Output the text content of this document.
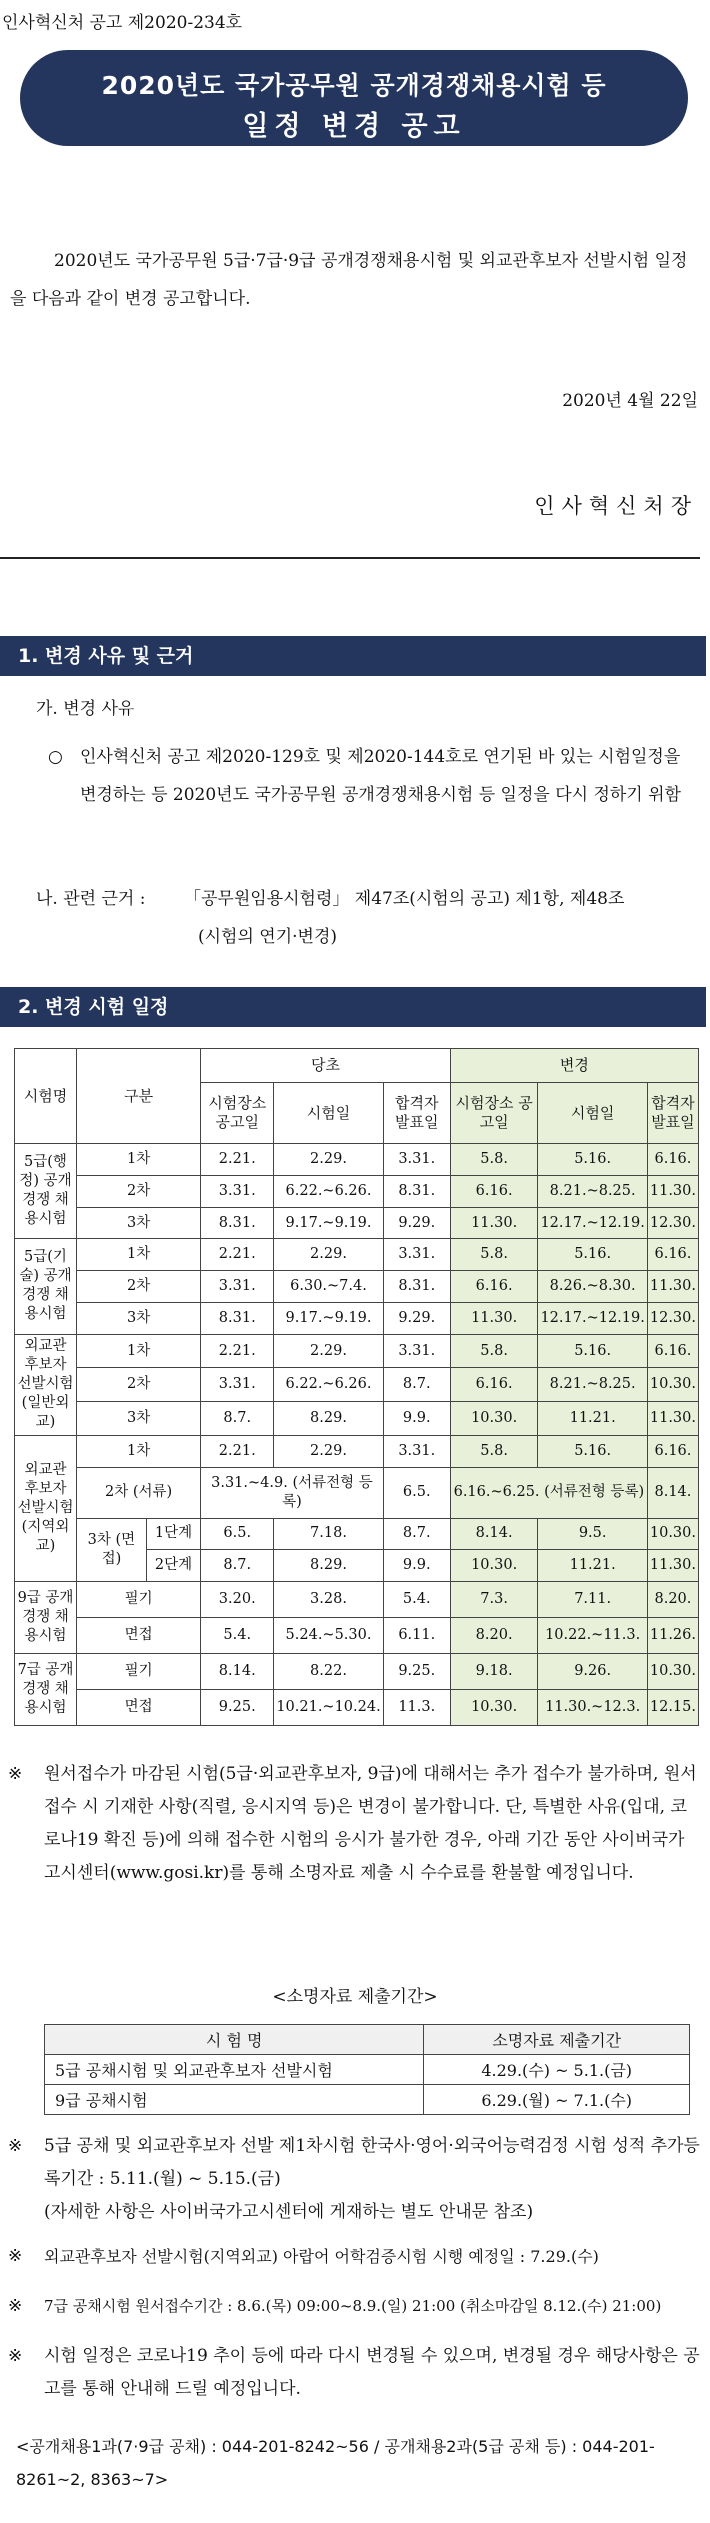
인사혁신처 공고 제2020-234호
2020년도 국가공무원 공개경쟁채용시험 등
일정 변경 공고
2020년도 국가공무원 5급·7급·9급 공개경쟁채용시험 및 외교관후보자 선발시험 일정을 다음과 같이 변경 공고합니다.
2020년 4월 22일
인사혁신처장
1. 변경 사유 및 근거
가. 변경 사유
○ 인사혁신처 공고 제2020-129호 및 제2020-144호로 연기된 바 있는 시험일정을 변경하는 등 2020년도 국가공무원 공개경쟁채용시험 등 일정을 다시 정하기 위함
나. 관련 근거 : 「공무원임용시험령」 제47조(시험의 공고) 제1항, 제48조
(시험의 연기·변경)
2. 변경 시험 일정
시험명	구분		당초			변경		
			시험장소 공고일	시험일	합격자 발표일	시험장소 공고일	시험일	합격자 발표일
5급(행정) 공개경쟁 채용시험	1차		2.21.	2.29.	3.31.	5.8.	5.16.	6.16.
	2차		3.31.	6.22.~6.26.	8.31.	6.16.	8.21.~8.25.	11.30.
	3차		8.31.	9.17.~9.19.	9.29.	11.30.	12.17.~12.19.	12.30.
5급(기술) 공개경쟁 채용시험	1차		2.21.	2.29.	3.31.	5.8.	5.16.	6.16.
	2차		3.31.	6.30.~7.4.	8.31.	6.16.	8.26.~8.30.	11.30.
	3차		8.31.	9.17.~9.19.	9.29.	11.30.	12.17.~12.19.	12.30.
외교관 후보자 선발시험 (일반외교)	1차		2.21.	2.29.	3.31.	5.8.	5.16.	6.16.
	2차		3.31.	6.22.~6.26.	8.7.	6.16.	8.21.~8.25.	10.30.
	3차		8.7.	8.29.	9.9.	10.30.	11.21.	11.30.
외교관 후보자 선발시험 (지역외교)	1차		2.21.	2.29.	3.31.	5.8.	5.16.	6.16.
	2차 (서류)		3.31.~4.9. (서류전형 등록)		6.5.	6.16.~6.25. (서류전형 등록)		8.14.
	3차 (면접)	1단계	6.5.	7.18.	8.7.	8.14.	9.5.	10.30.
		2단계	8.7.	8.29.	9.9.	10.30.	11.21.	11.30.
9급 공개경쟁 채용시험	필기		3.20.	3.28.	5.4.	7.3.	7.11.	8.20.
	면접		5.4.	5.24.~5.30.	6.11.	8.20.	10.22.~11.3.	11.26.
7급 공개경쟁 채용시험	필기		8.14.	8.22.	9.25.	9.18.	9.26.	10.30.
	면접		9.25.	10.21.~10.24.	11.3.	10.30.	11.30.~12.3.	12.15.
※	원서접수가 마감된 시험(5급·외교관후보자, 9급)에 대해서는 추가 접수가 불가하며, 원서접수 시 기재한 사항(직렬, 응시지역 등)은 변경이 불가합니다. 단, 특별한 사유(입대, 코로나19 확진 등)에 의해 접수한 시험의 응시가 불가한 경우, 아래 기간 동안 사이버국가고시센터(www.gosi.kr)를 통해 소명자료 제출 시 수수료를 환불할 예정입니다.
<소명자료 제출기간>
시 험 명	소명자료 제출기간
5급 공채시험 및 외교관후보자 선발시험	4.29.(수) ~ 5.1.(금)
9급 공채시험	6.29.(월) ~ 7.1.(수)
※	5급 공채 및 외교관후보자 선발 제1차시험 한국사·영어·외국어능력검정 시험 성적 추가등록기간 : 5.11.(월) ~ 5.15.(금)
(자세한 사항은 사이버국가고시센터에 게재하는 별도 안내문 참조)
※	외교관후보자 선발시험(지역외교) 아랍어 어학검증시험 시행 예정일 : 7.29.(수)
※	7급 공채시험 원서접수기간 : 8.6.(목) 09:00~8.9.(일) 21:00 (취소마감일 8.12.(수) 21:00)
※	시험 일정은 코로나19 추이 등에 따라 다시 변경될 수 있으며, 변경될 경우 해당사항은 공고를 통해 안내해 드릴 예정입니다.
<공개채용1과(7·9급 공채) : 044-201-8242~56 / 공개채용2과(5급 공채 등) : 044-201-8261~2, 8363~7>
